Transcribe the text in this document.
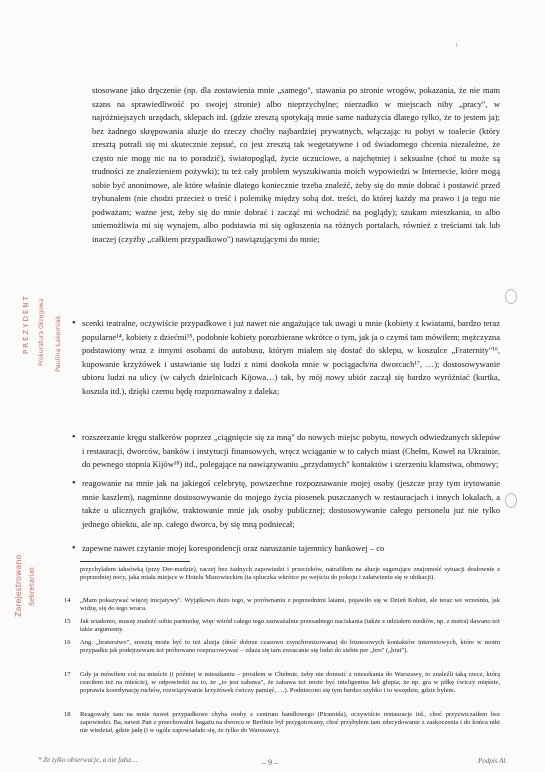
ł
stosowane jako dręczenie (np. dla zostawienia mnie „samego", stawania po stronie wrogów, pokazania, że nie mam szans na sprawiedliwość po swojej stronie) albo nieprzychylne; nierzadko w miejscach niby „pracy", w najróżniejszych urzędach, sklepach itd. (gdzie zresztą spotykają mnie same nadużycia dlatego tylko, że to jestem ja); bez żadnego skrępowania aluzje do rzeczy choćby najbardziej prywatnych, włączając tu pobyt w toalecie (który zresztą potrafi się mi skutecznie zepsuć, co jest zresztą tak wegetatywne i od świadomego chcenia niezależne, że często nie mogę nic na to poradzić), światopogląd, życie uczuciowe, a najchętniej i seksualne (choć tu może są trudności ze znalezieniem pożywki); tu też cały problem wyszukiwania moich wypowiedzi w Internecie, które mogą sobie być anonimowe, ale które właśnie dlatego koniecznie trzeba znaleźć, żeby się do mnie dobrać i postawić przed trybunałem (nie chodzi przecież o treść i polemikę między sobą dot. treści, do której każdy ma prawo i ja tego nie podważam; ważne jest, żeby się do mnie dobrać i zacząć mi wchodzić na poglądy); szukam mieszkania, to albo uniemożliwia mi się wynajem, albo podstawia mi się ogłoszenia na różnych portalach, również z treściami tak lub inaczej (czyżby „całkiem przypadkowo") nawiązującymi do mnie;
• scenki teatralne, oczywiście przypadkowe i już nawet nie angażujące tak uwagi u mnie (kobiety z kwiatami, bardzo teraz popularne¹⁴, kobiety z dziećmi¹⁵, podobnie kobiety porozbierane wkrótce o tym, jak ja o czymś tam mówiłem; mężczyzna podstawiony wraz z innymi osobami do autobusu, którym miałem się dostać do sklepu, w koszulce „Fraternity"¹⁶, kupowanie krzyżówek i ustawianie się ludzi z nimi dookoła mnie w pociągach/na dworcach¹⁷, …); dostosowywanie ubioru ludzi na ulicy (w całych dzielnicach Kijowa…) tak, by mój nowy ubiór zaczął się bardzo wyróżniać (kurtka, koszula itd.), dzięki czemu będę rozpoznawalny z daleka;
• rozszerzanie kręgu stalkerów poprzez „ciągnięcie się za mną" do nowych miejsc pobytu, nowych odwiedzanych sklepów i restauracji, dworców, banków i instytucji finansowych, wręcz wciąganie w to całych miast (Chełm, Kowel na Ukrainie, do pewnego stopnia Kijów¹⁸) itd., polegające na nawiązywaniu „przydatnych" kontaktów i szerzeniu kłamstwa, obmowy;
• reagowanie na mnie jak na jakiegoś celebrytę, powszechne rozpoznawanie mojej osoby (jeszcze przy tym irytowanie mnie kaszlem), nagminne dostosowywanie do mojego życia piosenek puszczanych w restauracjach i innych lokalach, a także u ulicznych grajków, traktowanie mnie jak osoby publicznej; dostosowywanie całego personelu już nie tylko jednego obiektu, ale np. całego dworca, by się mną podniecał;
• zapewne nawet czytanie mojej korespondencji oraz naruszanie tajemnicy bankowej – co
przychylałem taksówką (przy Der-medzie), raczej bez żadnych zapowiedzi i przecieków, natrafiłem na aluzje sugerujące znajomość sytuacji dosłownie z poprzedniej nocy, jaka miała miejsce w Hotelu Mazowieckim (ta spluczka wkrótce po wejściu do pokoju i załatwieniu się w ubikacji).
14 „Mam pokazywać więcej inicjatywy". Wyjątkowo dużo tego, w porównaniu z poprzednimi latami, pojawiło się w Dzień Kobiet, ale teraz we wrześniu, jak widzę, się do tego wraca.
15 Jak wiadomo, muszę znaleźć sobie partnerkę, więc wśród całego tego zauważalnie przesadnego naciskania (także z udziałem mediów, np. z metra) dawano też takie argumenty.
16 Ang. „braterstwo", zresztą może być to też aluzja (dość dobrze czasowo zsynchronizowana) do biznesowych kontaktów internetowych, które w moim przypadku jak podejrzewam też próbowano rozpracowywać – zdaza się tam zwracanie się ludzi do siebie per „bro" („brat").
17 Gdy ja mówiłem coś na mieście (i później w mieszkaniu – prosiłem w Chełmie, żeby nie donosić z mieszkania do Warszawy, to znaleźli taką rzecz, którą rzuciłem też na mieście), w odpowiedzi na to, że „to jest zabawa", że zabawa też może być inteligentna lub głupia; że np. gra w piłkę ćwiczy mięśnie, poprawia koordynację ruchów, rozwiązywanie krzyżówek ćwiczy pamięć, …). Podniecono się tym bardzo szybko i to wszędzie, gdzie byłem.
18 Reagowały tam na mnie nawet przypadkowe chyba osoby z centrum handlowego (Piramida), oczywiście restauracje itd., choć przyzwiczaiłem bez zapowiedzi. Ba, nawet Pan z przechowalni bagażu na dworcu w Berlinie był przygotowany, choć przybyłem tam zdecydowanie z zaskoczenia i do końca nikt nie wiedział, gdzie jadę (i w ogóle zapowiadało się, że tylko do Warszawy).
PREZYDENT Prokuratura Okręgowa Paulina Łakomiak
Zarejestrowano Sekretariat
* Ze tylko obserwacje, a nie fałsz…	– 9 –	Podpis Al.
